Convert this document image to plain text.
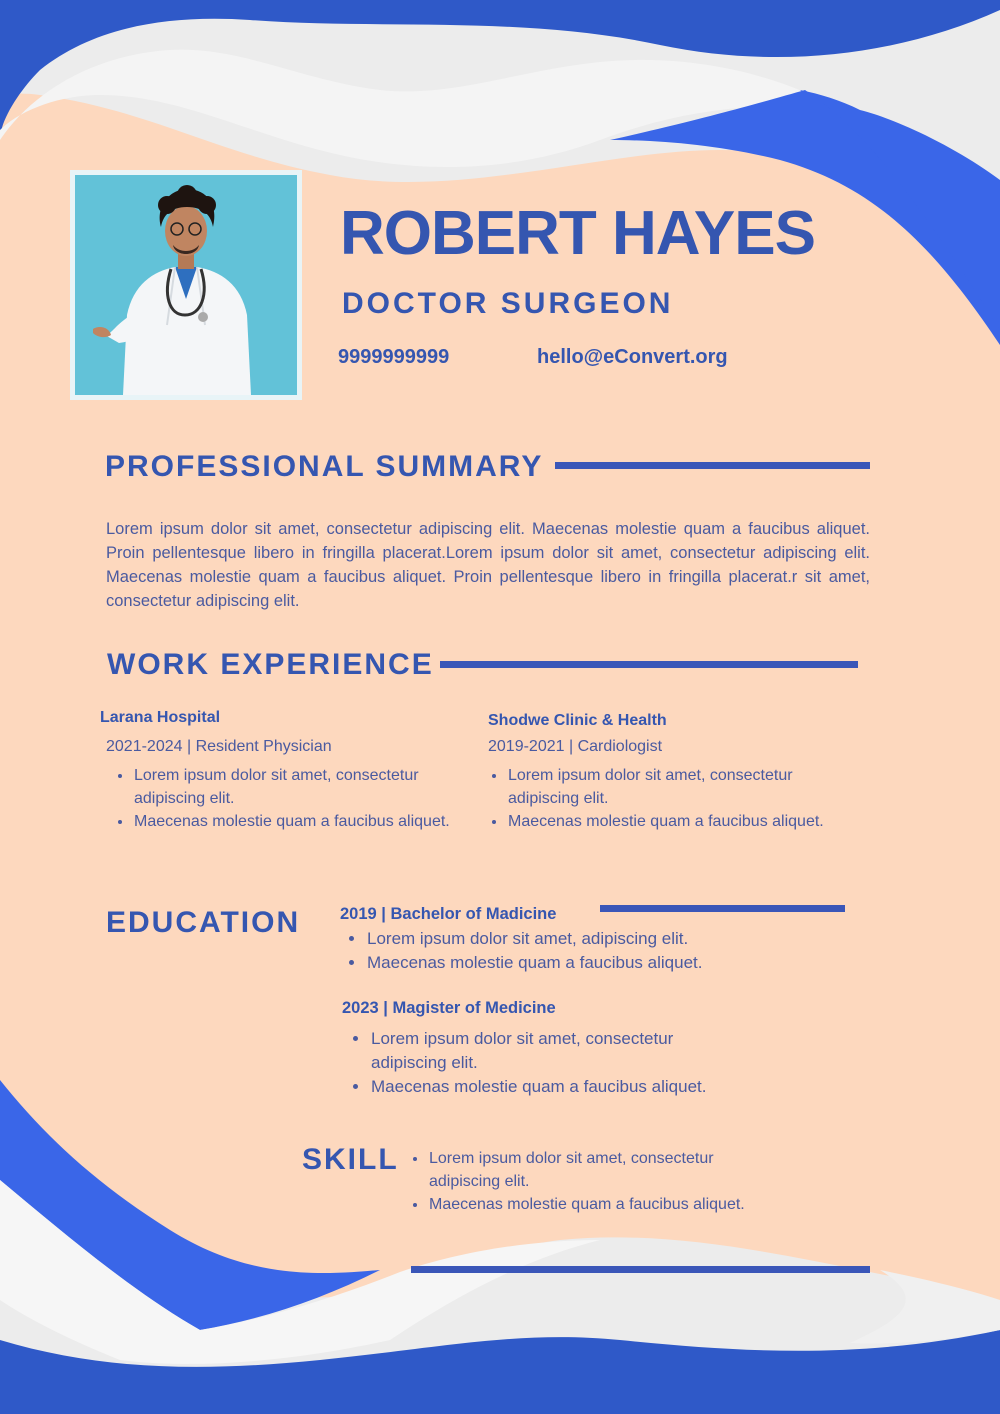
ROBERT HAYES
DOCTOR SURGEON
9999999999	hello@eConvert.org
PROFESSIONAL SUMMARY

Lorem ipsum dolor sit amet, consectetur adipiscing elit. Maecenas molestie quam a faucibus aliquet. Proin pellentesque libero in fringilla placerat.Lorem ipsum dolor sit amet, consectetur adipiscing elit. Maecenas molestie quam a faucibus aliquet. Proin pellentesque libero in fringilla placerat.r sit amet, consectetur adipiscing elit.

WORK EXPERIENCE
Larana Hospital
2021-2024 | Resident Physician
• Lorem ipsum dolor sit amet, consectetur adipiscing elit.
• Maecenas molestie quam a faucibus aliquet.
Shodwe Clinic & Health
2019-2021 | Cardiologist
• Lorem ipsum dolor sit amet, consectetur adipiscing elit.
• Maecenas molestie quam a faucibus aliquet.
EDUCATION 2019 | Bachelor of Madicine
• Lorem ipsum dolor sit amet, adipiscing elit.
• Maecenas molestie quam a faucibus aliquet.
2023 | Magister of Medicine
• Lorem ipsum dolor sit amet, consectetur adipiscing elit.
• Maecenas molestie quam a faucibus aliquet.
SKILL
• Lorem ipsum dolor sit amet, consectetur adipiscing elit.
• Maecenas molestie quam a faucibus aliquet.
